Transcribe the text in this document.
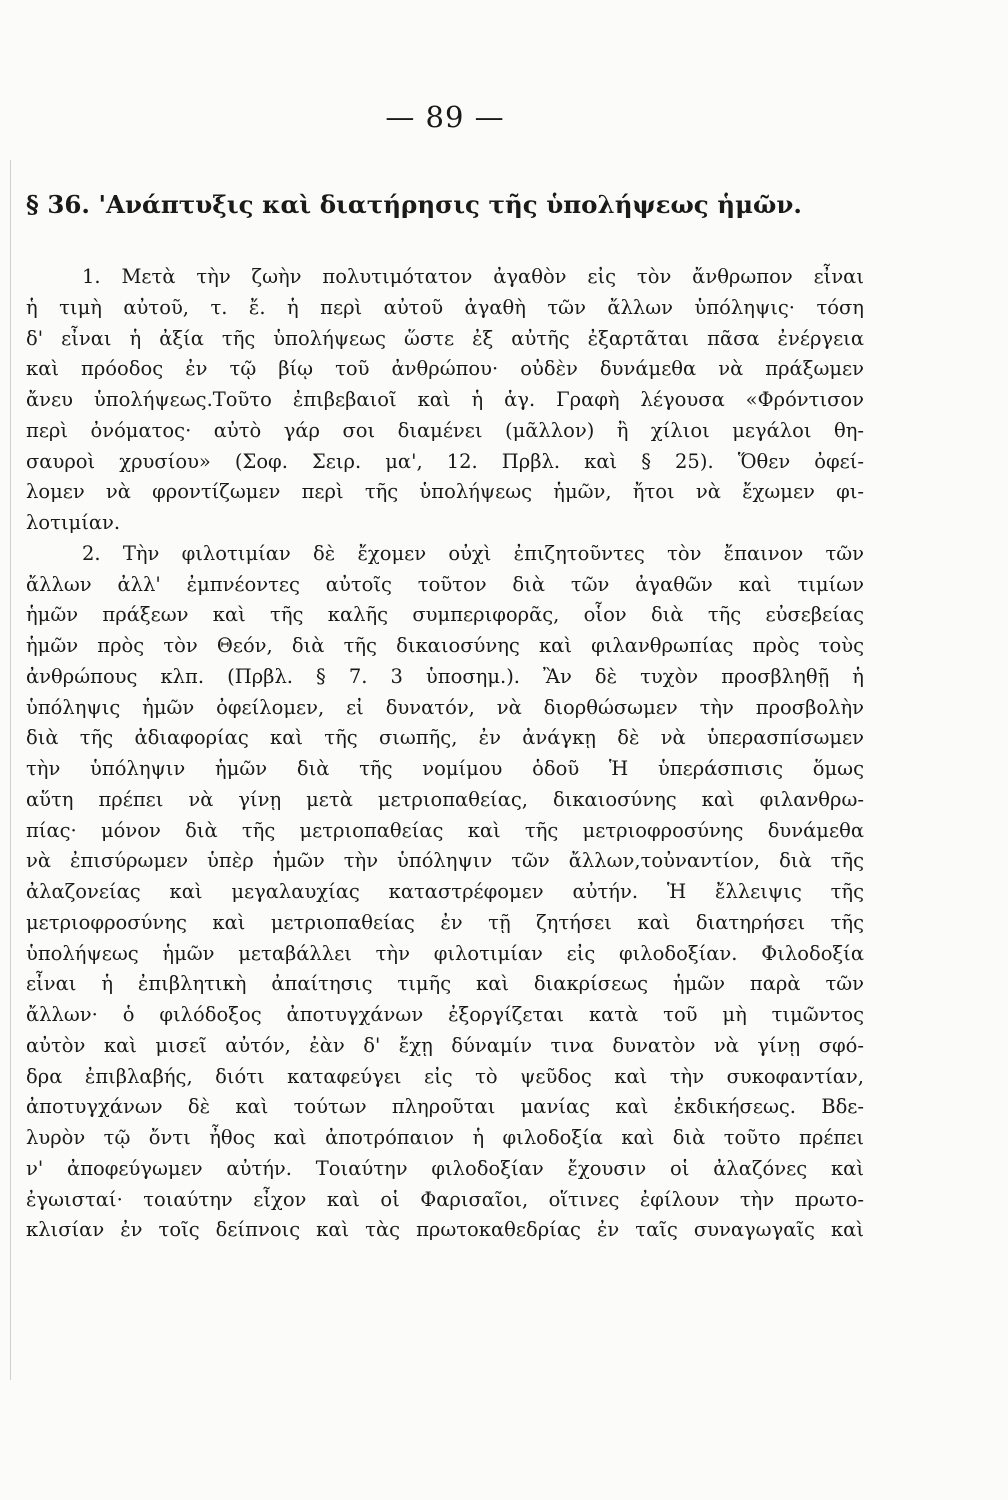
— 89 —
§ 36. 'Ανάπτυξις καὶ διατήρησις τῆς ὑπολήψεως ἡμῶν.
1. Μετὰ τὴν ζωὴν πολυτιμότατον ἀγαθὸν εἰς τὸν ἄνθρωπον εἶναι
ἡ τιμὴ αὐτοῦ, τ. ἔ. ἡ περὶ αὐτοῦ ἀγαθὴ τῶν ἄλλων ὑπόληψις· τόση
δ' εἶναι ἡ ἀξία τῆς ὑπολήψεως ὥστε ἐξ αὐτῆς ἐξαρτᾶται πᾶσα ἐνέργεια
καὶ πρόοδος ἐν τῷ βίῳ τοῦ ἀνθρώπου· οὐδὲν δυνάμεθα νὰ πράξωμεν
ἄνευ ὑπολήψεως.Τοῦτο ἐπιβεβαιοῖ καὶ ἡ ἁγ. Γραφὴ λέγουσα «Φρόντισον
περὶ ὀνόματος· αὐτὸ γάρ σοι διαμένει (μᾶλλον) ἢ χίλιοι μεγάλοι θη-
σαυροὶ χρυσίου» (Σοφ. Σειρ. μα', 12. Πρβλ. καὶ § 25). Ὅθεν ὀφεί-
λομεν νὰ φροντίζωμεν περὶ τῆς ὑπολήψεως ἡμῶν, ἤτοι νὰ ἔχωμεν φι-
λοτιμίαν.
2. Τὴν φιλοτιμίαν δὲ ἔχομεν οὐχὶ ἐπιζητοῦντες τὸν ἔπαινον τῶν
ἄλλων ἀλλ' ἐμπνέοντες αὐτοῖς τοῦτον διὰ τῶν ἀγαθῶν καὶ τιμίων
ἡμῶν πράξεων καὶ τῆς καλῆς συμπεριφορᾶς, οἷον διὰ τῆς εὐσεβείας
ἡμῶν πρὸς τὸν Θεόν, διὰ τῆς δικαιοσύνης καὶ φιλανθρωπίας πρὸς τοὺς
ἀνθρώπους κλπ. (Πρβλ. § 7. 3 ὑποσημ.). Ἂν δὲ τυχὸν προσβληθῇ ἡ
ὑπόληψις ἡμῶν ὀφείλομεν, εἰ δυνατόν, νὰ διορθώσωμεν τὴν προσβολὴν
διὰ τῆς ἀδιαφορίας καὶ τῆς σιωπῆς, ἐν ἀνάγκῃ δὲ νὰ ὑπερασπίσωμεν
τὴν ὑπόληψιν ἡμῶν διὰ τῆς νομίμου ὁδοῦ Ἡ ὑπεράσπισις ὅμως
αὕτη πρέπει νὰ γίνῃ μετὰ μετριοπαθείας, δικαιοσύνης καὶ φιλανθρω-
πίας· μόνον διὰ τῆς μετριοπαθείας καὶ τῆς μετριοφροσύνης δυνάμεθα
νὰ ἐπισύρωμεν ὑπὲρ ἡμῶν τὴν ὑπόληψιν τῶν ἄλλων,τοὐναντίον, διὰ τῆς
ἀλαζονείας καὶ μεγαλαυχίας καταστρέφομεν αὐτήν. Ἡ ἔλλειψις τῆς
μετριοφροσύνης καὶ μετριοπαθείας ἐν τῇ ζητήσει καὶ διατηρήσει τῆς
ὑπολήψεως ἡμῶν μεταβάλλει τὴν φιλοτιμίαν εἰς φιλοδοξίαν. Φιλοδοξία
εἶναι ἡ ἐπιβλητικὴ ἀπαίτησις τιμῆς καὶ διακρίσεως ἡμῶν παρὰ τῶν
ἄλλων· ὁ φιλόδοξος ἀποτυγχάνων ἐξοργίζεται κατὰ τοῦ μὴ τιμῶντος
αὐτὸν καὶ μισεῖ αὐτόν, ἐὰν δ' ἔχῃ δύναμίν τινα δυνατὸν νὰ γίνῃ σφό-
δρα ἐπιβλαβής, διότι καταφεύγει εἰς τὸ ψεῦδος καὶ τὴν συκοφαντίαν,
ἀποτυγχάνων δὲ καὶ τούτων πληροῦται μανίας καὶ ἐκδικήσεως. Βδε-
λυρὸν τῷ ὄντι ἦθος καὶ ἀποτρόπαιον ἡ φιλοδοξία καὶ διὰ τοῦτο πρέπει
ν' ἀποφεύγωμεν αὐτήν. Τοιαύτην φιλοδοξίαν ἔχουσιν οἱ ἀλαζόνες καὶ
ἐγωισταί· τοιαύτην εἶχον καὶ οἱ Φαρισαῖοι, οἵτινες ἐφίλουν τὴν πρωτο-
κλισίαν ἐν τοῖς δείπνοις καὶ τὰς πρωτοκαθεδρίας ἐν ταῖς συναγωγαῖς καὶ
